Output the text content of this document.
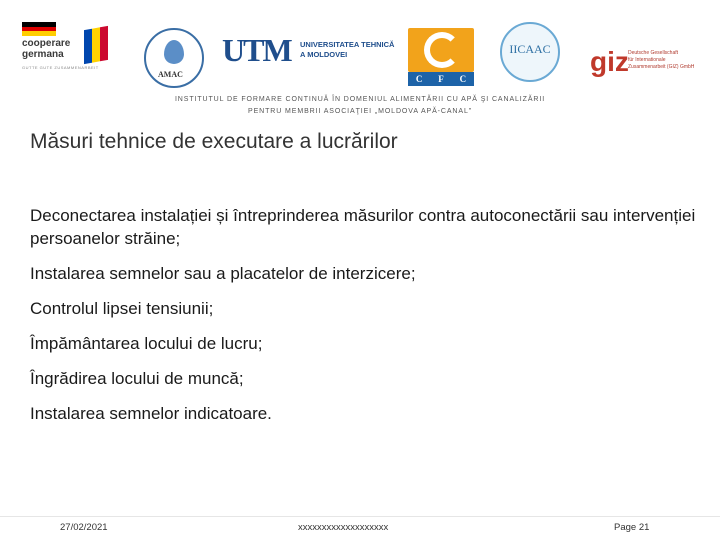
cooperare
germana
GUTTE GUTE ZUSAMMENARBEIT
AMAC
UTM UNIVERSITATEA TEHNICĂ
A MOLDOVEI
C F C
IICAAC giz Deutsche Gesellschaft
für Internationale
Zusammenarbeit (GIZ) GmbH
INSTITUTUL DE FORMARE CONTINUĂ ÎN DOMENIUL ALIMENTĂRII CU APĂ ŞI CANALIZĂRII
PENTRU MEMBRII ASOCIAŢIEI „MOLDOVA APĂ-CANAL”
Măsuri tehnice de executare a lucrărilor
Deconectarea instalației și întreprinderea măsurilor contra autoconectării sau intervenției persoanelor străine;
Instalarea semnelor sau a placatelor de interzicere;
Controlul lipsei tensiunii;
Împământarea locului de lucru;
Îngrădirea locului de muncă;
Instalarea semnelor indicatoare.
27/02/2021	xxxxxxxxxxxxxxxxxxx	Page 21
